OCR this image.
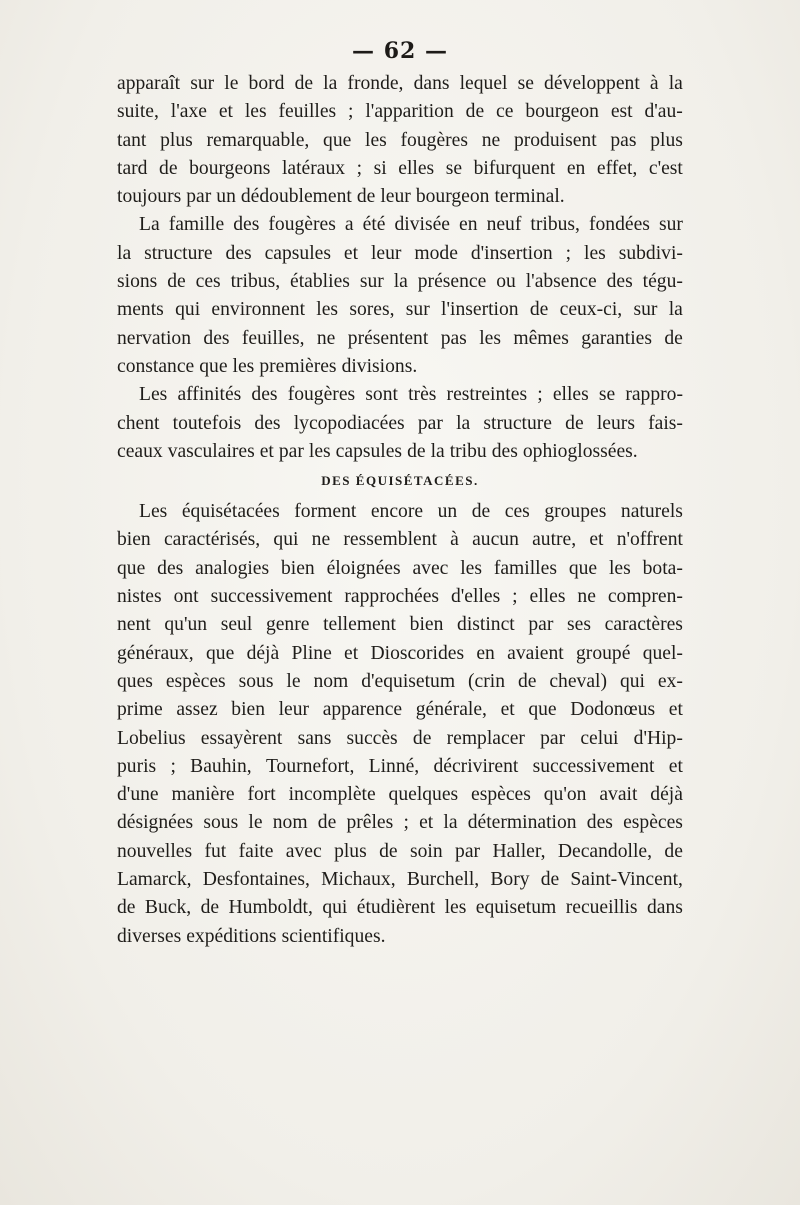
— 62 —
apparaît sur le bord de la fronde, dans lequel se développent à la
suite, l'axe et les feuilles ; l'apparition de ce bourgeon est d'au-
tant plus remarquable, que les fougères ne produisent pas plus
tard de bourgeons latéraux ; si elles se bifurquent en effet, c'est
toujours par un dédoublement de leur bourgeon terminal.
La famille des fougères a été divisée en neuf tribus, fondées sur
la structure des capsules et leur mode d'insertion ; les subdivi-
sions de ces tribus, établies sur la présence ou l'absence des tégu-
ments qui environnent les sores, sur l'insertion de ceux-ci, sur la
nervation des feuilles, ne présentent pas les mêmes garanties de
constance que les premières divisions.
Les affinités des fougères sont très restreintes ; elles se rappro-
chent toutefois des lycopodiacées par la structure de leurs fais-
ceaux vasculaires et par les capsules de la tribu des ophioglossées.
DES ÉQUISÉTACÉES.
Les équisétacées forment encore un de ces groupes naturels
bien caractérisés, qui ne ressemblent à aucun autre, et n'offrent
que des analogies bien éloignées avec les familles que les bota-
nistes ont successivement rapprochées d'elles ; elles ne compren-
nent qu'un seul genre tellement bien distinct par ses caractères
généraux, que déjà Pline et Dioscorides en avaient groupé quel-
ques espèces sous le nom d'equisetum (crin de cheval) qui ex-
prime assez bien leur apparence générale, et que Dodonœus et
Lobelius essayèrent sans succès de remplacer par celui d'Hip-
puris ; Bauhin, Tournefort, Linné, décrivirent successivement et
d'une manière fort incomplète quelques espèces qu'on avait déjà
désignées sous le nom de prêles ; et la détermination des espèces
nouvelles fut faite avec plus de soin par Haller, Decandolle, de
Lamarck, Desfontaines, Michaux, Burchell, Bory de Saint-Vincent,
de Buck, de Humboldt, qui étudièrent les equisetum recueillis dans
diverses expéditions scientifiques.
